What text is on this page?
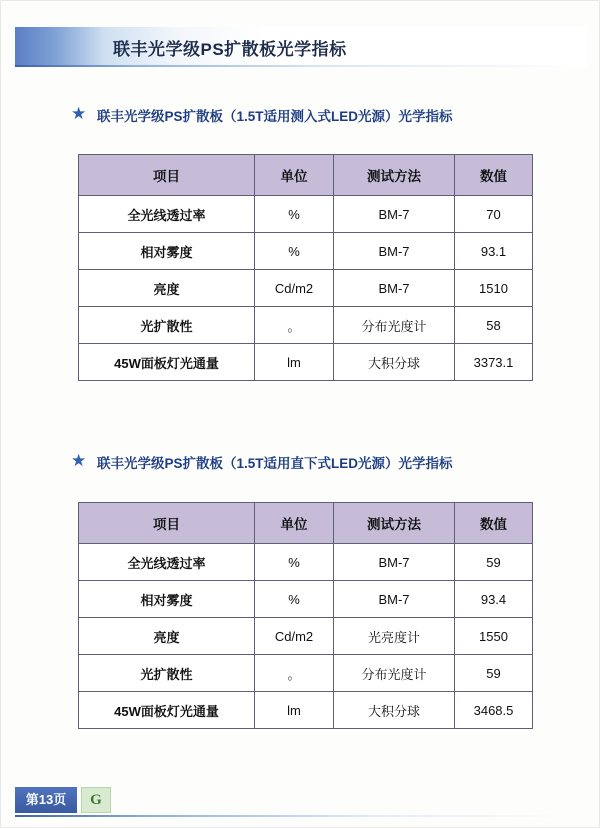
联丰光学级PS扩散板光学指标
★ 联丰光学级PS扩散板（1.5T适用测入式LED光源）光学指标
项目	单位	测试方法	数值
全光线透过率	%	BM-7	70
相对雾度	%	BM-7	93.1
亮度	Cd/m2	BM-7	1510
光扩散性	。	分布光度计	58
45W面板灯光通量	lm	大积分球	3373.1
★ 联丰光学级PS扩散板（1.5T适用直下式LED光源）光学指标
项目	单位	测试方法	数值
全光线透过率	%	BM-7	59
相对雾度	%	BM-7	93.4
亮度	Cd/m2	光亮度计	1550
光扩散性	。	分布光度计	59
45W面板灯光通量	lm	大积分球	3468.5
第13页	G
